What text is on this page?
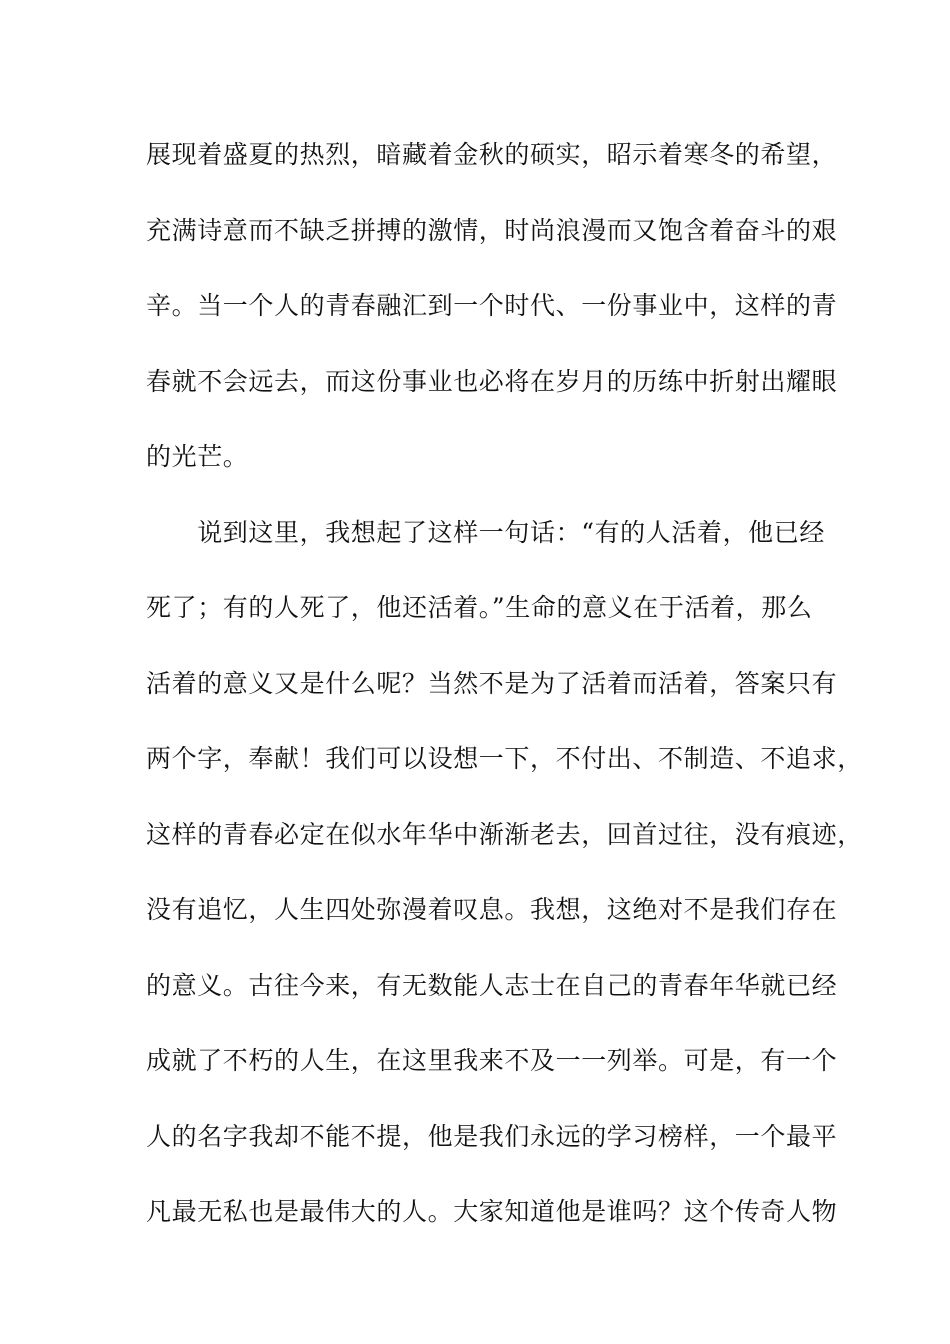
展现着盛夏的热烈，暗藏着金秋的硕实，昭示着寒冬的希望，
充满诗意而不缺乏拼搏的激情，时尚浪漫而又饱含着奋斗的艰
辛。当一个人的青春融汇到一个时代、一份事业中，这样的青
春就不会远去，而这份事业也必将在岁月的历练中折射出耀眼
的光芒。
　　说到这里，我想起了这样一句话：“有的人活着，他已经
死了；有的人死了，他还活着。”生命的意义在于活着，那么
活着的意义又是什么呢？当然不是为了活着而活着，答案只有
两个字，奉献！我们可以设想一下，不付出、不制造、不追求，
这样的青春必定在似水年华中渐渐老去，回首过往，没有痕迹，
没有追忆，人生四处弥漫着叹息。我想，这绝对不是我们存在
的意义。古往今来，有无数能人志士在自己的青春年华就已经
成就了不朽的人生，在这里我来不及一一列举。可是，有一个
人的名字我却不能不提，他是我们永远的学习榜样，一个最平
凡最无私也是最伟大的人。大家知道他是谁吗？这个传奇人物
